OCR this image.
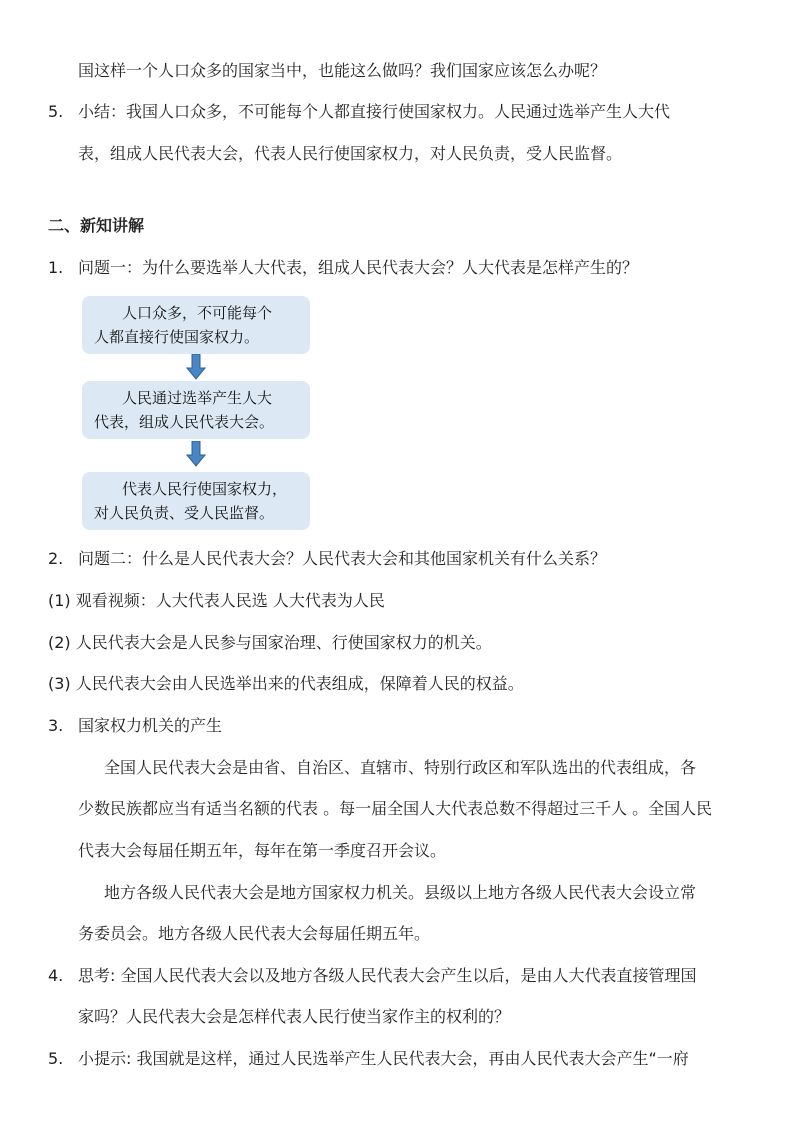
国这样一个人口众多的国家当中，也能这么做吗？我们国家应该怎么办呢？
5. 小结：我国人口众多，不可能每个人都直接行使国家权力。人民通过选举产生人大代
表，组成人民代表大会，代表人民行使国家权力，对人民负责，受人民监督。
二、新知讲解
1. 问题一：为什么要选举人大代表，组成人民代表大会？人大代表是怎样产生的？
人口众多，不可能每个
人都直接行使国家权力。
人民通过选举产生人大
代表，组成人民代表大会。
代表人民行使国家权力，
对人民负责、受人民监督。
2. 问题二：什么是人民代表大会？人民代表大会和其他国家机关有什么关系？
(1) 观看视频：人大代表人民选 人大代表为人民
(2) 人民代表大会是人民参与国家治理、行使国家权力的机关。
(3) 人民代表大会由人民选举出来的代表组成，保障着人民的权益。
3. 国家权力机关的产生
全国人民代表大会是由省、自治区、直辖市、特别行政区和军队选出的代表组成，各
少数民族都应当有适当名额的代表 。每一届全国人大代表总数不得超过三千人 。全国人民
代表大会每届任期五年，每年在第一季度召开会议。
地方各级人民代表大会是地方国家权力机关。县级以上地方各级人民代表大会设立常
务委员会。地方各级人民代表大会每届任期五年。
4. 思考: 全国人民代表大会以及地方各级人民代表大会产生以后，是由人大代表直接管理国
家吗？人民代表大会是怎样代表人民行使当家作主的权利的？
5. 小提示: 我国就是这样，通过人民选举产生人民代表大会，再由人民代表大会产生“一府
